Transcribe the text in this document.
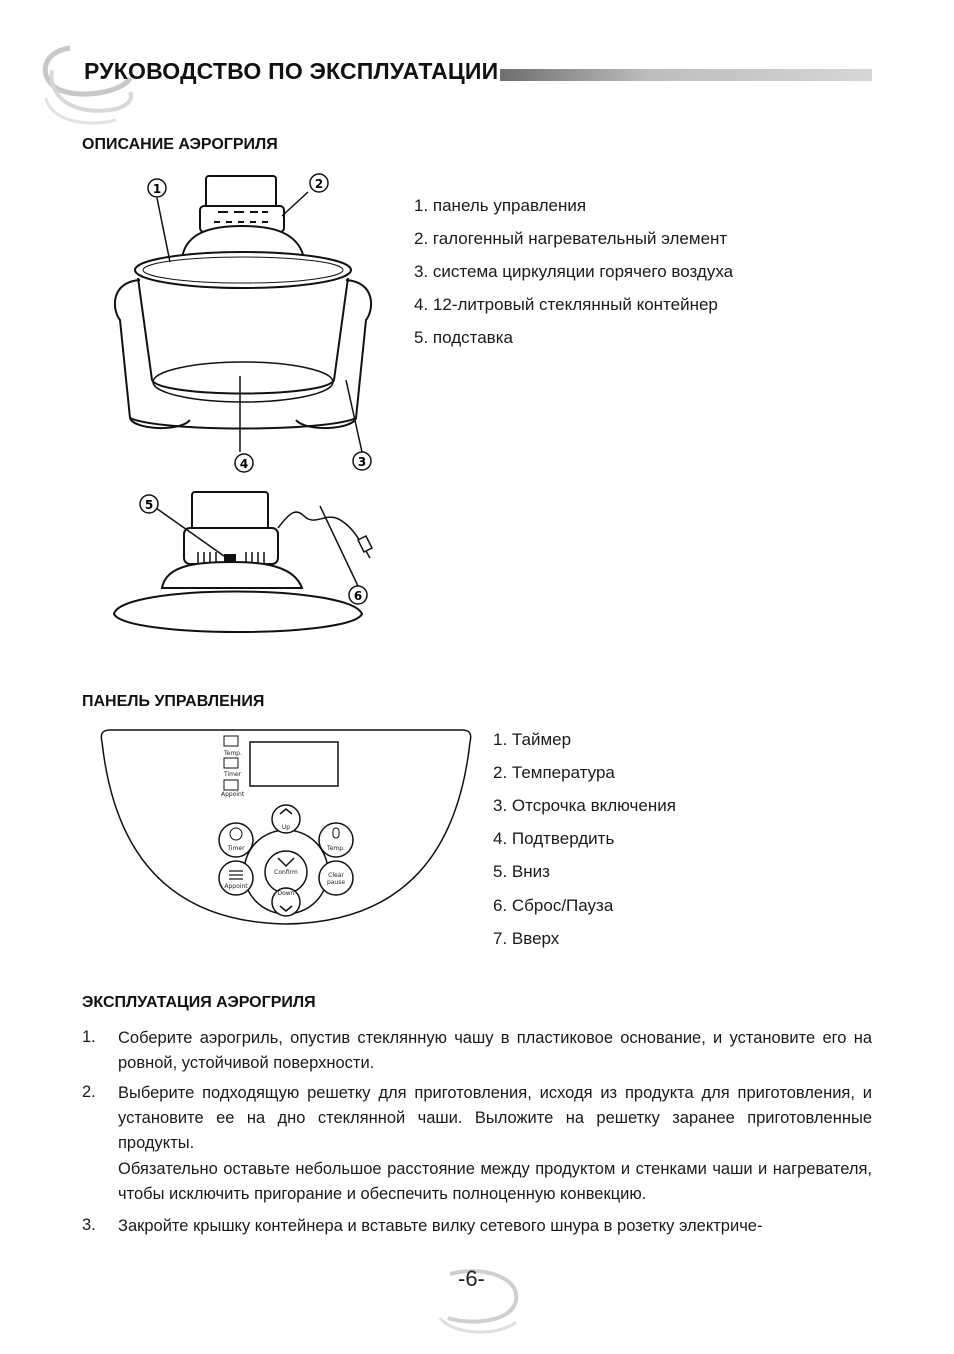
РУКОВОДСТВО ПО ЭКСПЛУАТАЦИИ
ОПИСАНИЕ АЭРОГРИЛЯ
1	2
4	3
5
6
1. панель управления
2. галогенный нагревательный элемент
3. система циркуляции горячего воздуха
4. 12-литровый стеклянный контейнер
5. подставка
ПАНЕЛЬ УПРАВЛЕНИЯ
Temp.
Timer
Appoint
Up
Down
Confirm
Timer
Appoint
Temp.
Clear
pause
1. Таймер
2. Температура
3. Отсрочка включения
4. Подтвердить
5. Вниз
6. Сброс/Пауза
7. Вверх
ЭКСПЛУАТАЦИЯ АЭРОГРИЛЯ
1. Соберите аэрогриль, опустив стеклянную чашу в пластиковое основание, и установите его на ровной, устойчивой поверхности.
2. Выберите подходящую решетку для приготовления, исходя из продукта для приготовления, и установите ее на дно стеклянной чаши. Выложите на решетку заранее приготовленные продукты.
Обязательно оставьте небольшое расстояние между продуктом и стенками чаши и нагревателя, чтобы исключить пригорание и обеспечить полноценную конвекцию.
3. Закройте крышку контейнера и вставьте вилку сетевого шнура в розетку электриче-
-6-
